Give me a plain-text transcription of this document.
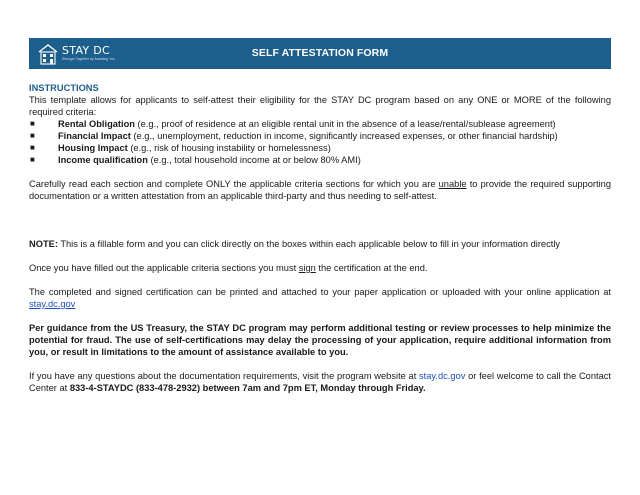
STAY DC
Stronger Together by Assisting You
SELF ATTESTATION FORM
INSTRUCTIONS

This template allows for applicants to self-attest their eligibility for the STAY DC program based on any ONE or MORE of the following required criteria:

■ Rental Obligation (e.g., proof of residence at an eligible rental unit in the absence of a lease/rental/sublease agreement)
■ Financial Impact (e.g., unemployment, reduction in income, significantly increased expenses, or other financial hardship)
■ Housing Impact (e.g., risk of housing instability or homelessness)
■ Income qualification (e.g., total household income at or below 80% AMI)

Carefully read each section and complete ONLY the applicable criteria sections for which you are unable to provide the required supporting documentation or a written attestation from an applicable third-party and thus needing to self-attest.

NOTE: This is a fillable form and you can click directly on the boxes within each applicable below to fill in your information directly

Once you have filled out the applicable criteria sections you must sign the certification at the end.

The completed and signed certification can be printed and attached to your paper application or uploaded with your online application at stay.dc.gov

Per guidance from the US Treasury, the STAY DC program may perform additional testing or review processes to help minimize the potential for fraud. The use of self-certifications may delay the processing of your application, require additional information from you, or result in limitations to the amount of assistance available to you.

If you have any questions about the documentation requirements, visit the program website at stay.dc.gov or feel welcome to call the Contact Center at 833-4-STAYDC (833-478-2932) between 7am and 7pm ET, Monday through Friday.
